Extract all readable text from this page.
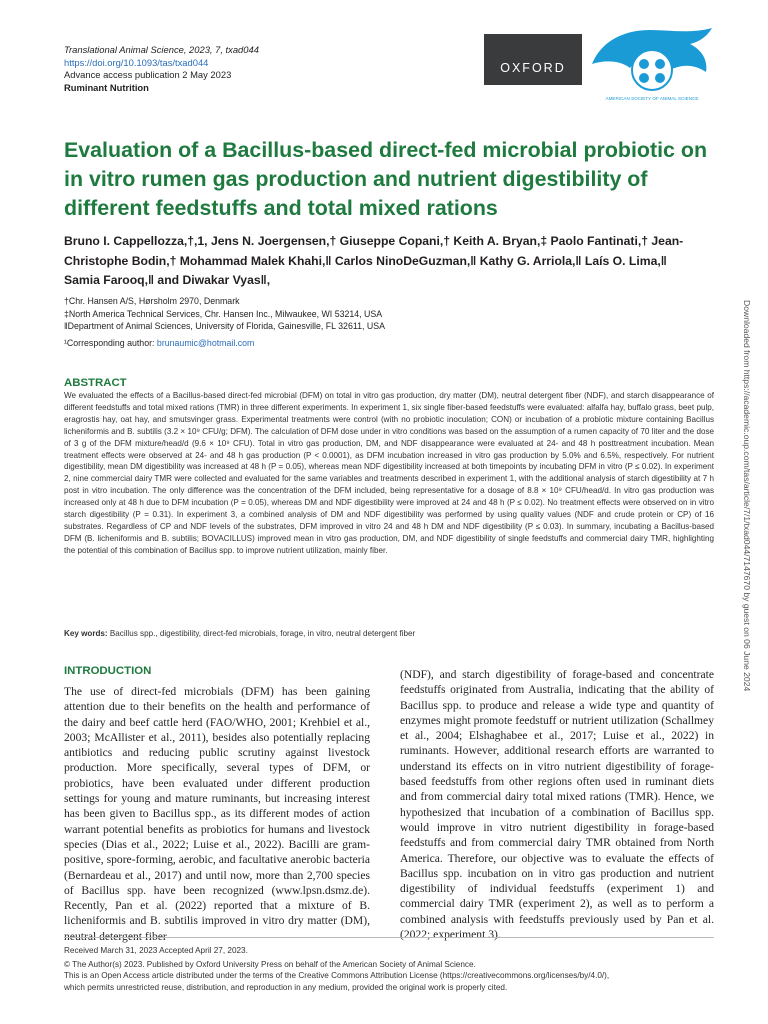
Translational Animal Science, 2023, 7, txad044
https://doi.org/10.1093/tas/txad044
Advance access publication 2 May 2023
Ruminant Nutrition
OXFORD
AMERICAN SOCIETY OF ANIMAL SCIENCE
Evaluation of a Bacillus-based direct-fed microbial probiotic on in vitro rumen gas production and nutrient digestibility of different feedstuffs and total mixed rations
Bruno I. Cappellozza,†,1, Jens N. Joergensen,† Giuseppe Copani,† Keith A. Bryan,‡ Paolo Fantinati,† Jean-Christophe Bodin,† Mohammad Malek Khahi,‖ Carlos NinoDeGuzman,‖ Kathy G. Arriola,‖ Laís O. Lima,‖ Samia Farooq,‖ and Diwakar Vyas‖,
†Chr. Hansen A/S, Hørsholm 2970, Denmark
‡North America Technical Services, Chr. Hansen Inc., Milwaukee, WI 53214, USA
‖Department of Animal Sciences, University of Florida, Gainesville, FL 32611, USA
¹Corresponding author: brunaumic@hotmail.com	Downloaded from https://academic.oup.com/tas/article/7/1/txad044/7147670 by guest on 06 June 2024
ABSTRACT

We evaluated the effects of a Bacillus-based direct-fed microbial (DFM) on total in vitro gas production, dry matter (DM), neutral detergent fiber (NDF), and starch disappearance of different feedstuffs and total mixed rations (TMR) in three different experiments. In experiment 1, six single fiber-based feedstuffs were evaluated: alfalfa hay, buffalo grass, beet pulp, eragrostis hay, oat hay, and smutsvinger grass. Experimental treatments were control (with no probiotic inoculation; CON) or incubation of a probiotic mixture containing Bacillus licheniformis and B. subtilis (3.2 × 10⁹ CFU/g; DFM). The calculation of DFM dose under in vitro conditions was based on the assumption of a rumen capacity of 70 liter and the dose of 3 g of the DFM mixture/head/d (9.6 × 10⁹ CFU). Total in vitro gas production, DM, and NDF disappearance were evaluated at 24- and 48 h posttreatment incubation. Mean treatment effects were observed at 24- and 48 h gas production (P < 0.0001), as DFM incubation increased in vitro gas production by 5.0% and 6.5%, respectively. For nutrient digestibility, mean DM digestibility was increased at 48 h (P = 0.05), whereas mean NDF digestibility increased at both timepoints by incubating DFM in vitro (P ≤ 0.02). In experiment 2, nine commercial dairy TMR were collected and evaluated for the same variables and treatments described in experiment 1, with the additional analysis of starch digestibility at 7 h post in vitro incubation. The only difference was the concentration of the DFM included, being representative for a dosage of 8.8 × 10⁹ CFU/head/d. In vitro gas production was increased only at 48 h due to DFM incubation (P = 0.05), whereas DM and NDF digestibility were improved at 24 and 48 h (P ≤ 0.02). No treatment effects were observed on in vitro starch digestibility (P = 0.31). In experiment 3, a combined analysis of DM and NDF digestibility was performed by using quality values (NDF and crude protein or CP) of 16 substrates. Regardless of CP and NDF levels of the substrates, DFM improved in vitro 24 and 48 h DM and NDF digestibility (P ≤ 0.03). In summary, incubating a Bacillus-based DFM (B. licheniformis and B. subtilis; BOVACILLUS) improved mean in vitro gas production, DM, and NDF digestibility of single feedstuffs and commercial dairy TMR, highlighting the potential of this combination of Bacillus spp. to improve nutrient utilization, mainly fiber.

Key words: Bacillus spp., digestibility, direct-fed microbials, forage, in vitro, neutral detergent fiber
INTRODUCTION

The use of direct-fed microbials (DFM) has been gaining attention due to their benefits on the health and performance of the dairy and beef cattle herd (FAO/WHO, 2001; Krehbiel et al., 2003; McAllister et al., 2011), besides also potentially replacing antibiotics and reducing public scrutiny against livestock production. More specifically, several types of DFM, or probiotics, have been evaluated under different production settings for young and mature ruminants, but increasing interest has been given to Bacillus spp., as its different modes of action warrant potential benefits as probiotics for humans and livestock species (Dias et al., 2022; Luise et al., 2022). Bacilli are gram-positive, spore-forming, aerobic, and facultative anerobic bacteria (Bernardeau et al., 2017) and until now, more than 2,700 species of Bacillus spp. have been recognized (www.lpsn.dsmz.de). Recently, Pan et al. (2022) reported that a mixture of B. licheniformis and B. subtilis improved in vitro dry matter (DM), neutral detergent fiber

(NDF), and starch digestibility of forage-based and concentrate feedstuffs originated from Australia, indicating that the ability of Bacillus spp. to produce and release a wide type and quantity of enzymes might promote feedstuff or nutrient utilization (Schallmey et al., 2004; Elshaghabee et al., 2017; Luise et al., 2022) in ruminants. However, additional research efforts are warranted to understand its effects on in vitro nutrient digestibility of forage-based feedstuffs from other regions often used in ruminant diets and from commercial dairy total mixed rations (TMR). Hence, we hypothesized that incubation of a combination of Bacillus spp. would improve in vitro nutrient digestibility in forage-based feedstuffs and from commercial dairy TMR obtained from North America. Therefore, our objective was to evaluate the effects of Bacillus spp. incubation on in vitro gas production and nutrient digestibility of individual feedstuffs (experiment 1) and commercial dairy TMR (experiment 2), as well as to perform a combined analysis with feedstuffs previously used by Pan et al. (2022; experiment 3).

Received March 31, 2023 Accepted April 27, 2023.
© The Author(s) 2023. Published by Oxford University Press on behalf of the American Society of Animal Science.
This is an Open Access article distributed under the terms of the Creative Commons Attribution License (https://creativecommons.org/licenses/by/4.0/),
which permits unrestricted reuse, distribution, and reproduction in any medium, provided the original work is properly cited.
